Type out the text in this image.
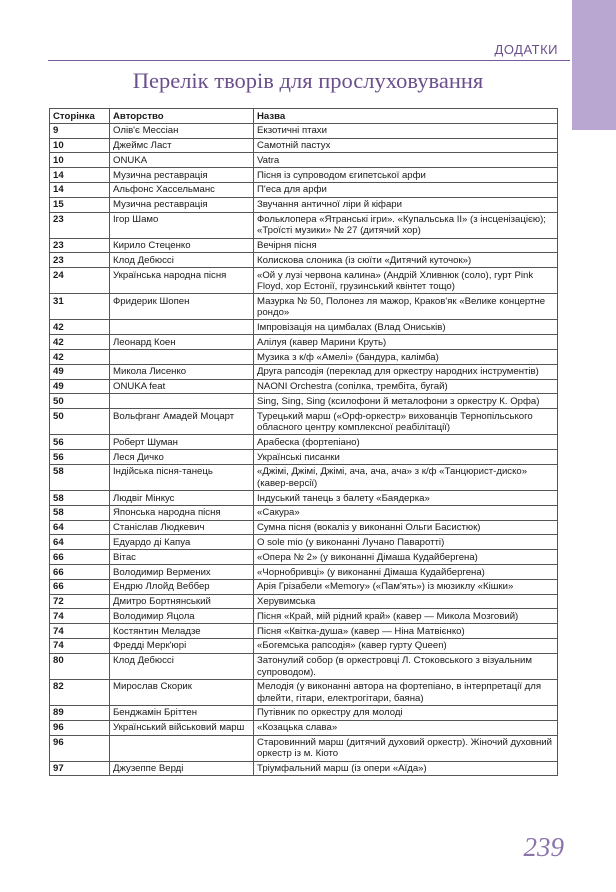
ДОДАТКИ
Перелік творів для прослуховування
Сторінка	Авторство	Назва
9	Олів'є Мессіан	Екзотичні птахи
10	Джеймс Ласт	Самотній пастух
10	ONUKA	Vatra
14	Музична реставрація	Пісня із супроводом єгипетської арфи
14	Альфонс Хассельманс	П'еса для арфи
15	Музична реставрація	Звучання античної ліри й кіфари
23	Ігор Шамо	Фольклопера «Ятранські ігри». «Купальська II» (з інсценізацією); «Троїсті музики» № 27 (дитячий хор)
23	Кирило Стеценко	Вечірня пісня
23	Клод Дебюссі	Колискова слоника (із сюїти «Дитячий куточок»)
24	Українська народна пісня	«Ой у лузі червона калина» (Андрій Хливнюк (соло), гурт Pink Floyd, хор Естонії, грузинський квінтет тощо)
31	Фридерик Шопен	Мазурка № 50, Полонез ля мажор, Краков'як «Велике концертне рондо»
42		Імпровізація на цимбалах (Влад Ониськів)
42	Леонард Коен	Алілуя (кавер Марини Круть)
42		Музика з к/ф «Амелі» (бандура, калімба)
49	Микола Лисенко	Друга рапсодія (переклад для оркестру народних інструментів)
49	ONUKA feat	NAONI Orchestra (сопілка, трембіта, бугай)
50		Sing, Sing, Sing (ксилофони й металофони з оркестру К. Орфа)
50	Вольфганг Амадей Моцарт	Турецький марш («Орф-оркестр» вихованців Тернопільського обласного центру комплексної реабілітації)
56	Роберт Шуман	Арабеска (фортепіано)
56	Леся Дичко	Українські писанки
58	Індійська пісня-танець	«Джімі, Джімі, Джімі, ача, ача, ача» з к/ф «Танцюрист-диско» (кавер-версії)
58	Людвіг Мінкус	Індуський танець з балету «Баядерка»
58	Японська народна пісня	«Сакура»
64	Станіслав Людкевич	Сумна пісня (вокаліз у виконанні Ольги Басистюк)
64	Едуардо ді Капуа	O sole mio (у виконанні Лучано Паваротті)
66	Вітас	«Опера № 2» (у виконанні Дімаша Кудайбергена)
66	Володимир Вермених	«Чорнобривці» (у виконанні Дімаша Кудайбергена)
66	Ендрю Ллойд Веббер	Арія Грізабели «Memory» («Пам'ять») із мюзиклу «Кішки»
72	Дмитро Бортнянський	Херувимська
74	Володимир Яцола	Пісня «Край, мій рідний край» (кавер — Микола Мозговий)
74	Костянтин Меладзе	Пісня «Квітка-душа» (кавер — Ніна Матвієнко)
74	Фредді Мерк'юрі	«Богемська рапсодія» (кавер гурту Queen)
80	Клод Дебюссі	Затонулий собор (в оркестровці Л. Стоковського з візуальним супроводом).
82	Мирослав Скорик	Мелодія (у виконанні автора на фортепіано, в інтерпретації для флейти, гітари, електрогітари, баяна)
89	Бенджамін Бріттен	Путівник по оркестру для молоді
96	Український військовий марш	«Козацька слава»
96		Старовинний марш (дитячий духовий оркестр). Жіночий духовний оркестр із м. Кіото
97	Джузеппе Верді	Тріумфальний марш (із опери «Аїда»)
239
